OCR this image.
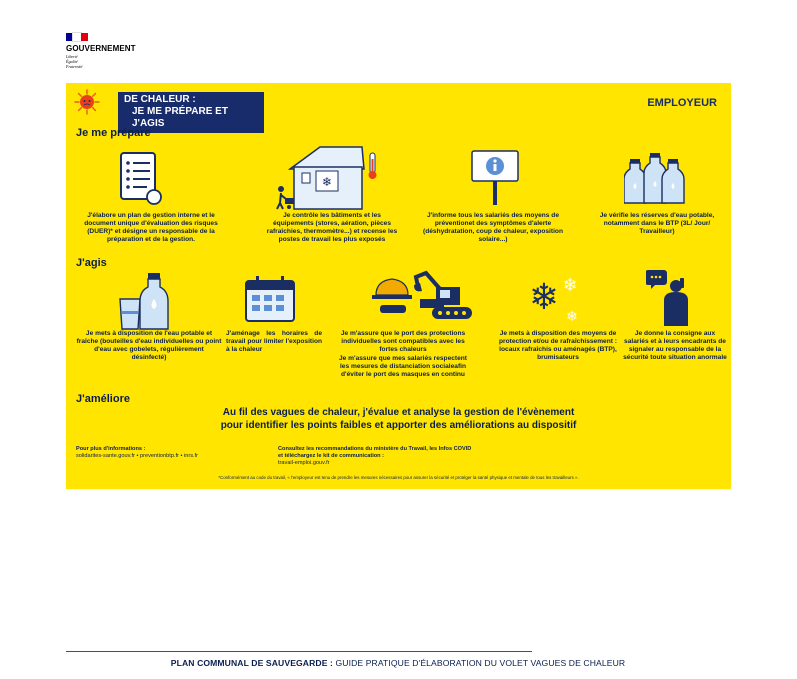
GOUVERNEMENT
Liberté
Égalité
Fraternité
DE CHALEUR :
JE ME PRÉPARE ET J'AGIS
EMPLOYEUR
Je me prépare
J'élabore un plan de gestion interne et le document unique d'évaluation des risques (DUER)* et désigne un responsable de la préparation et de la gestion.
❄
Je contrôle les bâtiments et les équipements (stores, aération, pièces rafraîchies, thermomètre...) et recense les postes de travail les plus exposés
J'informe tous les salariés des moyens de préventionet des symptômes d'alerte (déshydratation, coup de chaleur, exposition solaire...)
Je vérifie les réserves d'eau potable, notamment dans le BTP (3L/ Jour/ Travailleur)
J'agis
Je mets à disposition de l'eau potable et fraîche (bouteilles d'eau individuelles ou point d'eau avec gobelets, régulièrement désinfecté)
J'aménage les horaires de travail pour limiter l'exposition à la chaleur
Je m'assure que le port des protections individuelles sont compatibles avec les fortes chaleurs
Je m'assure que mes salariés respectent les mesures de distanciation socialeafin d'éviter le port des masques en continu
❄ ❄
❄
Je mets à disposition des moyens de protection et/ou de rafraîchissement : locaux rafraîchis ou aménagés (BTP), brumisateurs
Je donne la consigne aux salariés et à leurs encadrants de signaler au responsable de la sécurité toute situation anormale
J'améliore
Au fil des vagues de chaleur, j'évalue et analyse la gestion de l'évènement
pour identifier les points faibles et apporter des améliorations au dispositif
Pour plus d'informations :
solidarites-sante.gouv.fr • preventionbtp.fr • inrs.fr
Consultez les recommandations du ministère du Travail, les Infos COVID
et téléchargez le kit de communication :
travail-emploi.gouv.fr
*Conformément au code du travail, « l'employeur est tenu de prendre les mesures nécessaires pour assurer la sécurité et protéger la santé physique et mentale de tous les travailleurs ».
PLAN COMMUNAL DE SAUVEGARDE : GUIDE PRATIQUE D'ÉLABORATION DU VOLET VAGUES DE CHALEUR
